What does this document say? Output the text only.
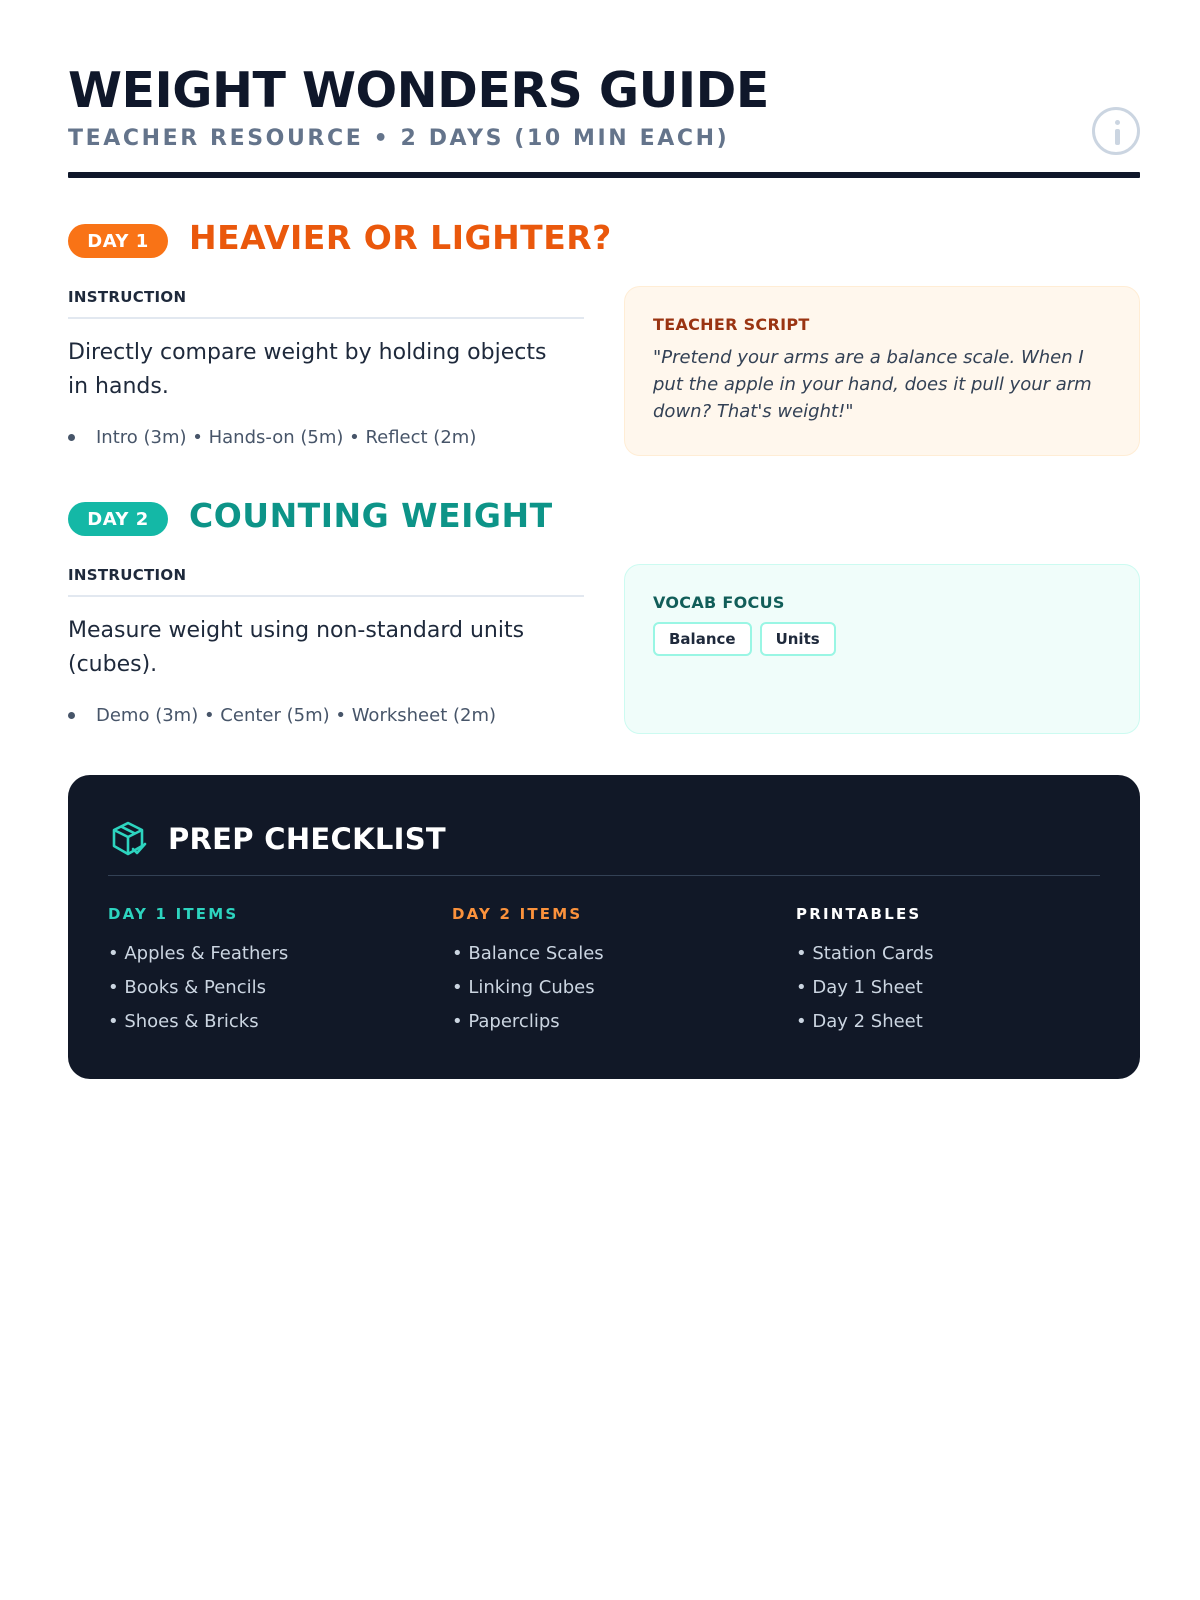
WEIGHT WONDERS GUIDE
TEACHER RESOURCE • 2 DAYS (10 MIN EACH)
DAY 1	HEAVIER OR LIGHTER?
INSTRUCTION
Directly compare weight by holding objects in hands.
Intro (3m) • Hands-on (5m) • Reflect (2m)
TEACHER SCRIPT
"Pretend your arms are a balance scale. When I put the apple in your hand, does it pull your arm down? That's weight!"
DAY 2	COUNTING WEIGHT
INSTRUCTION
Measure weight using non-standard units (cubes).
Demo (3m) • Center (5m) • Worksheet (2m)
VOCAB FOCUS
Balance	Units
PREP CHECKLIST
DAY 1 ITEMS
• Apples & Feathers
• Books & Pencils
• Shoes & Bricks
DAY 2 ITEMS
• Balance Scales
• Linking Cubes
• Paperclips
PRINTABLES
• Station Cards
• Day 1 Sheet
• Day 2 Sheet
